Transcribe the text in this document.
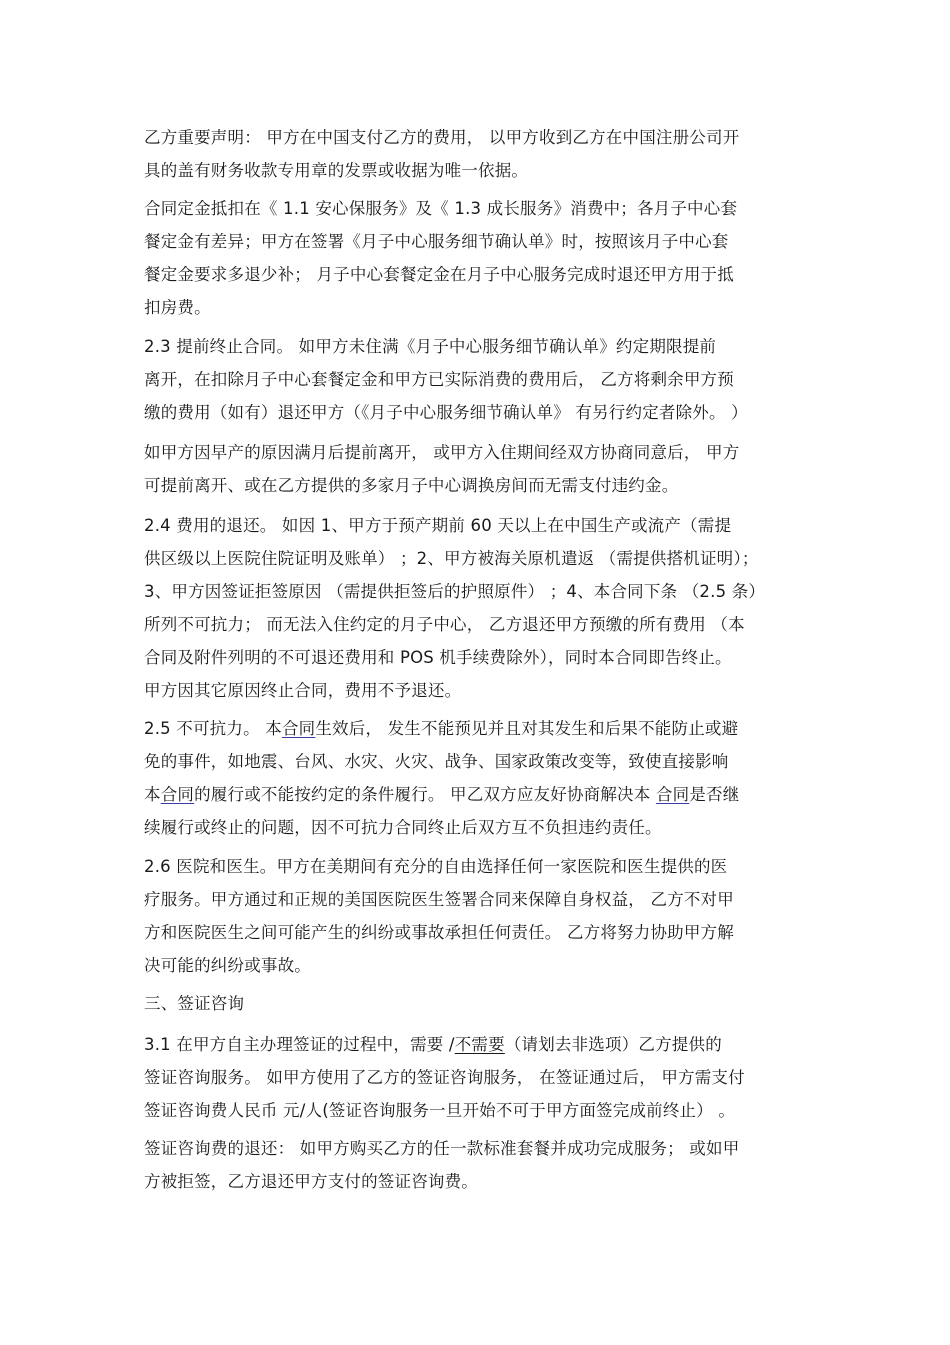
乙方重要声明： 甲方在中国支付乙方的费用， 以甲方收到乙方在中国注册公司开
具的盖有财务收款专用章的发票或收据为唯一依据。
合同定金抵扣在《 1.1 安心保服务》及《 1.3 成长服务》消费中；各月子中心套
餐定金有差异；甲方在签署《月子中心服务细节确认单》时，按照该月子中心套
餐定金要求多退少补； 月子中心套餐定金在月子中心服务完成时退还甲方用于抵
扣房费。
2.3 提前终止合同。 如甲方未住满《月子中心服务细节确认单》约定期限提前
离开，在扣除月子中心套餐定金和甲方已实际消费的费用后， 乙方将剩余甲方预
缴的费用（如有）退还甲方（《月子中心服务细节确认单》 有另行约定者除外。 ）
如甲方因早产的原因满月后提前离开， 或甲方入住期间经双方协商同意后， 甲方
可提前离开、或在乙方提供的多家月子中心调换房间而无需支付违约金。
2.4 费用的退还。 如因 1、甲方于预产期前 60 天以上在中国生产或流产（需提
供区级以上医院住院证明及账单） ；2、甲方被海关原机遣返 （需提供搭机证明）；
3、甲方因签证拒签原因 （需提供拒签后的护照原件） ；4、本合同下条 （2.5 条）
所列不可抗力； 而无法入住约定的月子中心， 乙方退还甲方预缴的所有费用 （本
合同及附件列明的不可退还费用和 POS 机手续费除外），同时本合同即告终止。
甲方因其它原因终止合同，费用不予退还。
2.5 不可抗力。 本合同生效后， 发生不能预见并且对其发生和后果不能防止或避
免的事件，如地震、台风、水灾、火灾、战争、国家政策改变等，致使直接影响
本合同的履行或不能按约定的条件履行。 甲乙双方应友好协商解决本 合同是否继
续履行或终止的问题，因不可抗力合同终止后双方互不负担违约责任。
2.6 医院和医生。甲方在美期间有充分的自由选择任何一家医院和医生提供的医
疗服务。甲方通过和正规的美国医院医生签署合同来保障自身权益， 乙方不对甲
方和医院医生之间可能产生的纠纷或事故承担任何责任。 乙方将努力协助甲方解
决可能的纠纷或事故。
三、签证咨询
3.1 在甲方自主办理签证的过程中，需要 /不需要（请划去非选项）乙方提供的
签证咨询服务。 如甲方使用了乙方的签证咨询服务， 在签证通过后， 甲方需支付
签证咨询费人民币 元/人(签证咨询服务一旦开始不可于甲方面签完成前终止） 。
签证咨询费的退还： 如甲方购买乙方的任一款标准套餐并成功完成服务； 或如甲
方被拒签，乙方退还甲方支付的签证咨询费。
